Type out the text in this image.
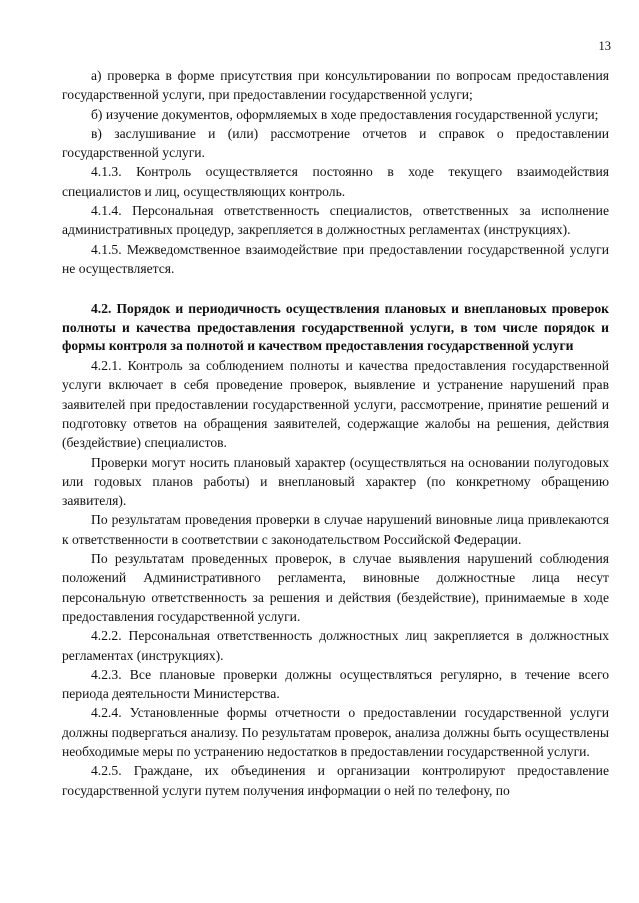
13

а) проверка в форме присутствия при консультировании по вопросам предоставления государственной услуги, при предоставлении государственной услуги;

б) изучение документов, оформляемых в ходе предоставления государственной услуги;

в) заслушивание и (или) рассмотрение отчетов и справок о предоставлении государственной услуги.

4.1.3. Контроль осуществляется постоянно в ходе текущего взаимодействия специалистов и лиц, осуществляющих контроль.

4.1.4. Персональная ответственность специалистов, ответственных за исполнение административных процедур, закрепляется в должностных регламентах (инструкциях).

4.1.5. Межведомственное взаимодействие при предоставлении государственной услуги не осуществляется.

4.2. Порядок и периодичность осуществления плановых и внеплановых проверок полноты и качества предоставления государственной услуги, в том числе порядок и формы контроля за полнотой и качеством предоставления государственной услуги

4.2.1. Контроль за соблюдением полноты и качества предоставления государственной услуги включает в себя проведение проверок, выявление и устранение нарушений прав заявителей при предоставлении государственной услуги, рассмотрение, принятие решений и подготовку ответов на обращения заявителей, содержащие жалобы на решения, действия (бездействие) специалистов.

Проверки могут носить плановый характер (осуществляться на основании полугодовых или годовых планов работы) и внеплановый характер (по конкретному обращению заявителя).

По результатам проведения проверки в случае нарушений виновные лица привлекаются к ответственности в соответствии с законодательством Российской Федерации.

По результатам проведенных проверок, в случае выявления нарушений соблюдения положений Административного регламента, виновные должностные лица несут персональную ответственность за решения и действия (бездействие), принимаемые в ходе предоставления государственной услуги.

4.2.2. Персональная ответственность должностных лиц закрепляется в должностных регламентах (инструкциях).

4.2.3. Все плановые проверки должны осуществляться регулярно, в течение всего периода деятельности Министерства.

4.2.4. Установленные формы отчетности о предоставлении государственной услуги должны подвергаться анализу. По результатам проверок, анализа должны быть осуществлены необходимые меры по устранению недостатков в предоставлении государственной услуги.

4.2.5. Граждане, их объединения и организации контролируют предоставление государственной услуги путем получения информации о ней по телефону, по
